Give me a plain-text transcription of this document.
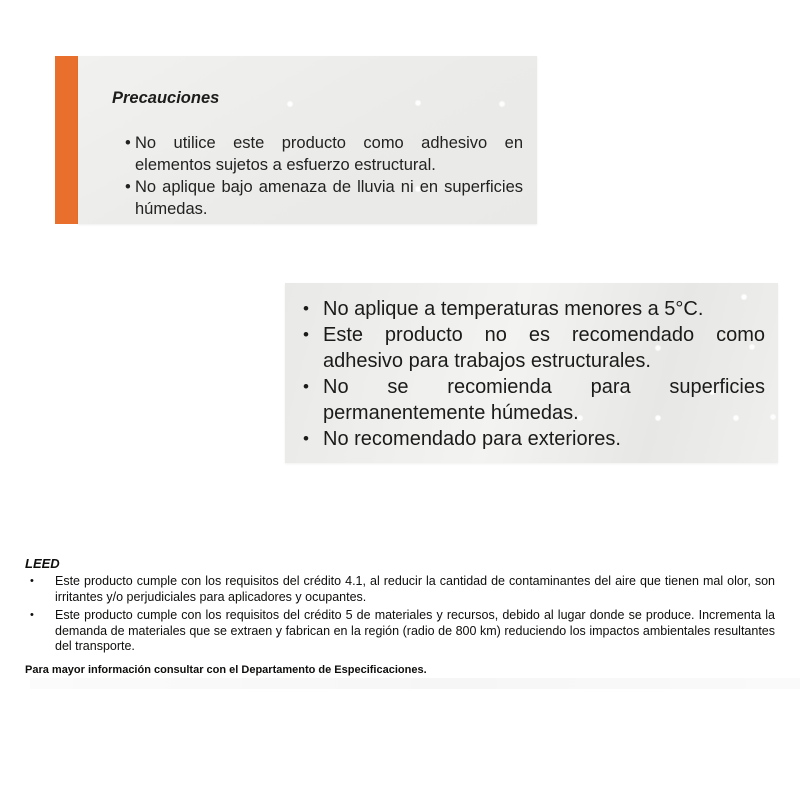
Precauciones
• No utilice este producto como adhesivo en elementos sujetos a esfuerzo estructural.
• No aplique bajo amenaza de lluvia ni en superficies húmedas.
• No aplique a temperaturas menores a 5°C.
• Este producto no es recomendado como adhesivo para trabajos estructurales.
• No se recomienda para superficies permanentemente húmedas.
• No recomendado para exteriores.
LEED
•	Este producto cumple con los requisitos del crédito 4.1, al reducir la cantidad de contaminantes del aire que tienen mal olor, son irritantes y/o perjudiciales para aplicadores y ocupantes.
•	Este producto cumple con los requisitos del crédito 5 de materiales y recursos, debido al lugar donde se produce. Incrementa la demanda de materiales que se extraen y fabrican en la región (radio de 800 km) reduciendo los impactos ambientales resultantes del transporte.
Para mayor información consultar con el Departamento de Especificaciones.
